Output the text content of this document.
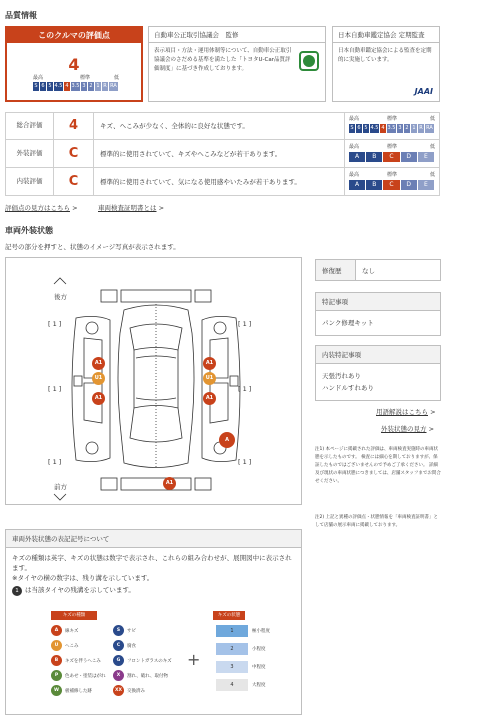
品質情報
このクルマの評価点
4
最高	標準	低
S 6 5 4.5 4 3.5 3 2 1 R RA
自動車公正取引協議会　監修
表示項目・方法・運用体制等について、自動車公正取引協議会のさだめる基準を満たした「トヨタU-Car品質評価制度」に基づき作成しております。
日本自動車鑑定協会 定期監査
日本自動車鑑定協会による監査を定期的に実施しています。
JAAI
総合評価	4	キズ、へこみが少なく、全体的に良好な状態です。
最高	標準	低
S 6 5 4.5 4 3.5 3 2 1 R RA
外装評価	C	標準的に使用されていて、キズやへこみなどが若干あります。
最高	標準	低
A	B	C	D	E
内装評価	C	標準的に使用されていて、気になる使用感やいたみが若干あります。
最高	標準	低
A	B	C	D	E
評価点の見方はこちら >	車両検査証明書とは >
車両外装状態
記号の部分を押すと、状態のイメージ写真が表示されます。
後方
前方
[ 1 ]	[ 1 ]
[ 1 ]	[ 1 ]
[ 1 ]	[ 1 ]
A1
U1
A1
A1
U1
A1
A
A1
修復歴	なし
特記事項
パンク修理キット
内装特記事項
天張汚れあり
ハンドルすれあり
用語解説はこちら >
外装状態の見方 >
注1) 本ページに掲載された評価は、車両検査実施時の車両状態を示したものです。 検査には細心を期しておりますが、保証したものではございませんので予めご了承ください。 詳細及び現状の車両状態につきましては、店舗スタッフまでお問合せください。
注2) 上記と異種の評価点・状態情報を「車両検査証明書」として店舗の展示車両に掲載しております。
車両外装状態の表記記号について
キズの種類は英字、キズの状態は数字で表示され、これらの組み合わせが、展開図中に表示されます。
※タイヤの横の数字は、残り溝を示しています。
1 は当該タイヤの残溝を示しています。
キズの種類	キズの状態
A	線キズ	S	サビ
U	へこみ	C	腐食
B	キズを伴うへこみ	G	フロントガラスのキズ
P	色あせ・塗装はがれ	X	割れ、破れ、取付物
W	板補修した跡	XX	交換済み
+
1	極小程度
2	小程度
3	中程度
4	大程度
